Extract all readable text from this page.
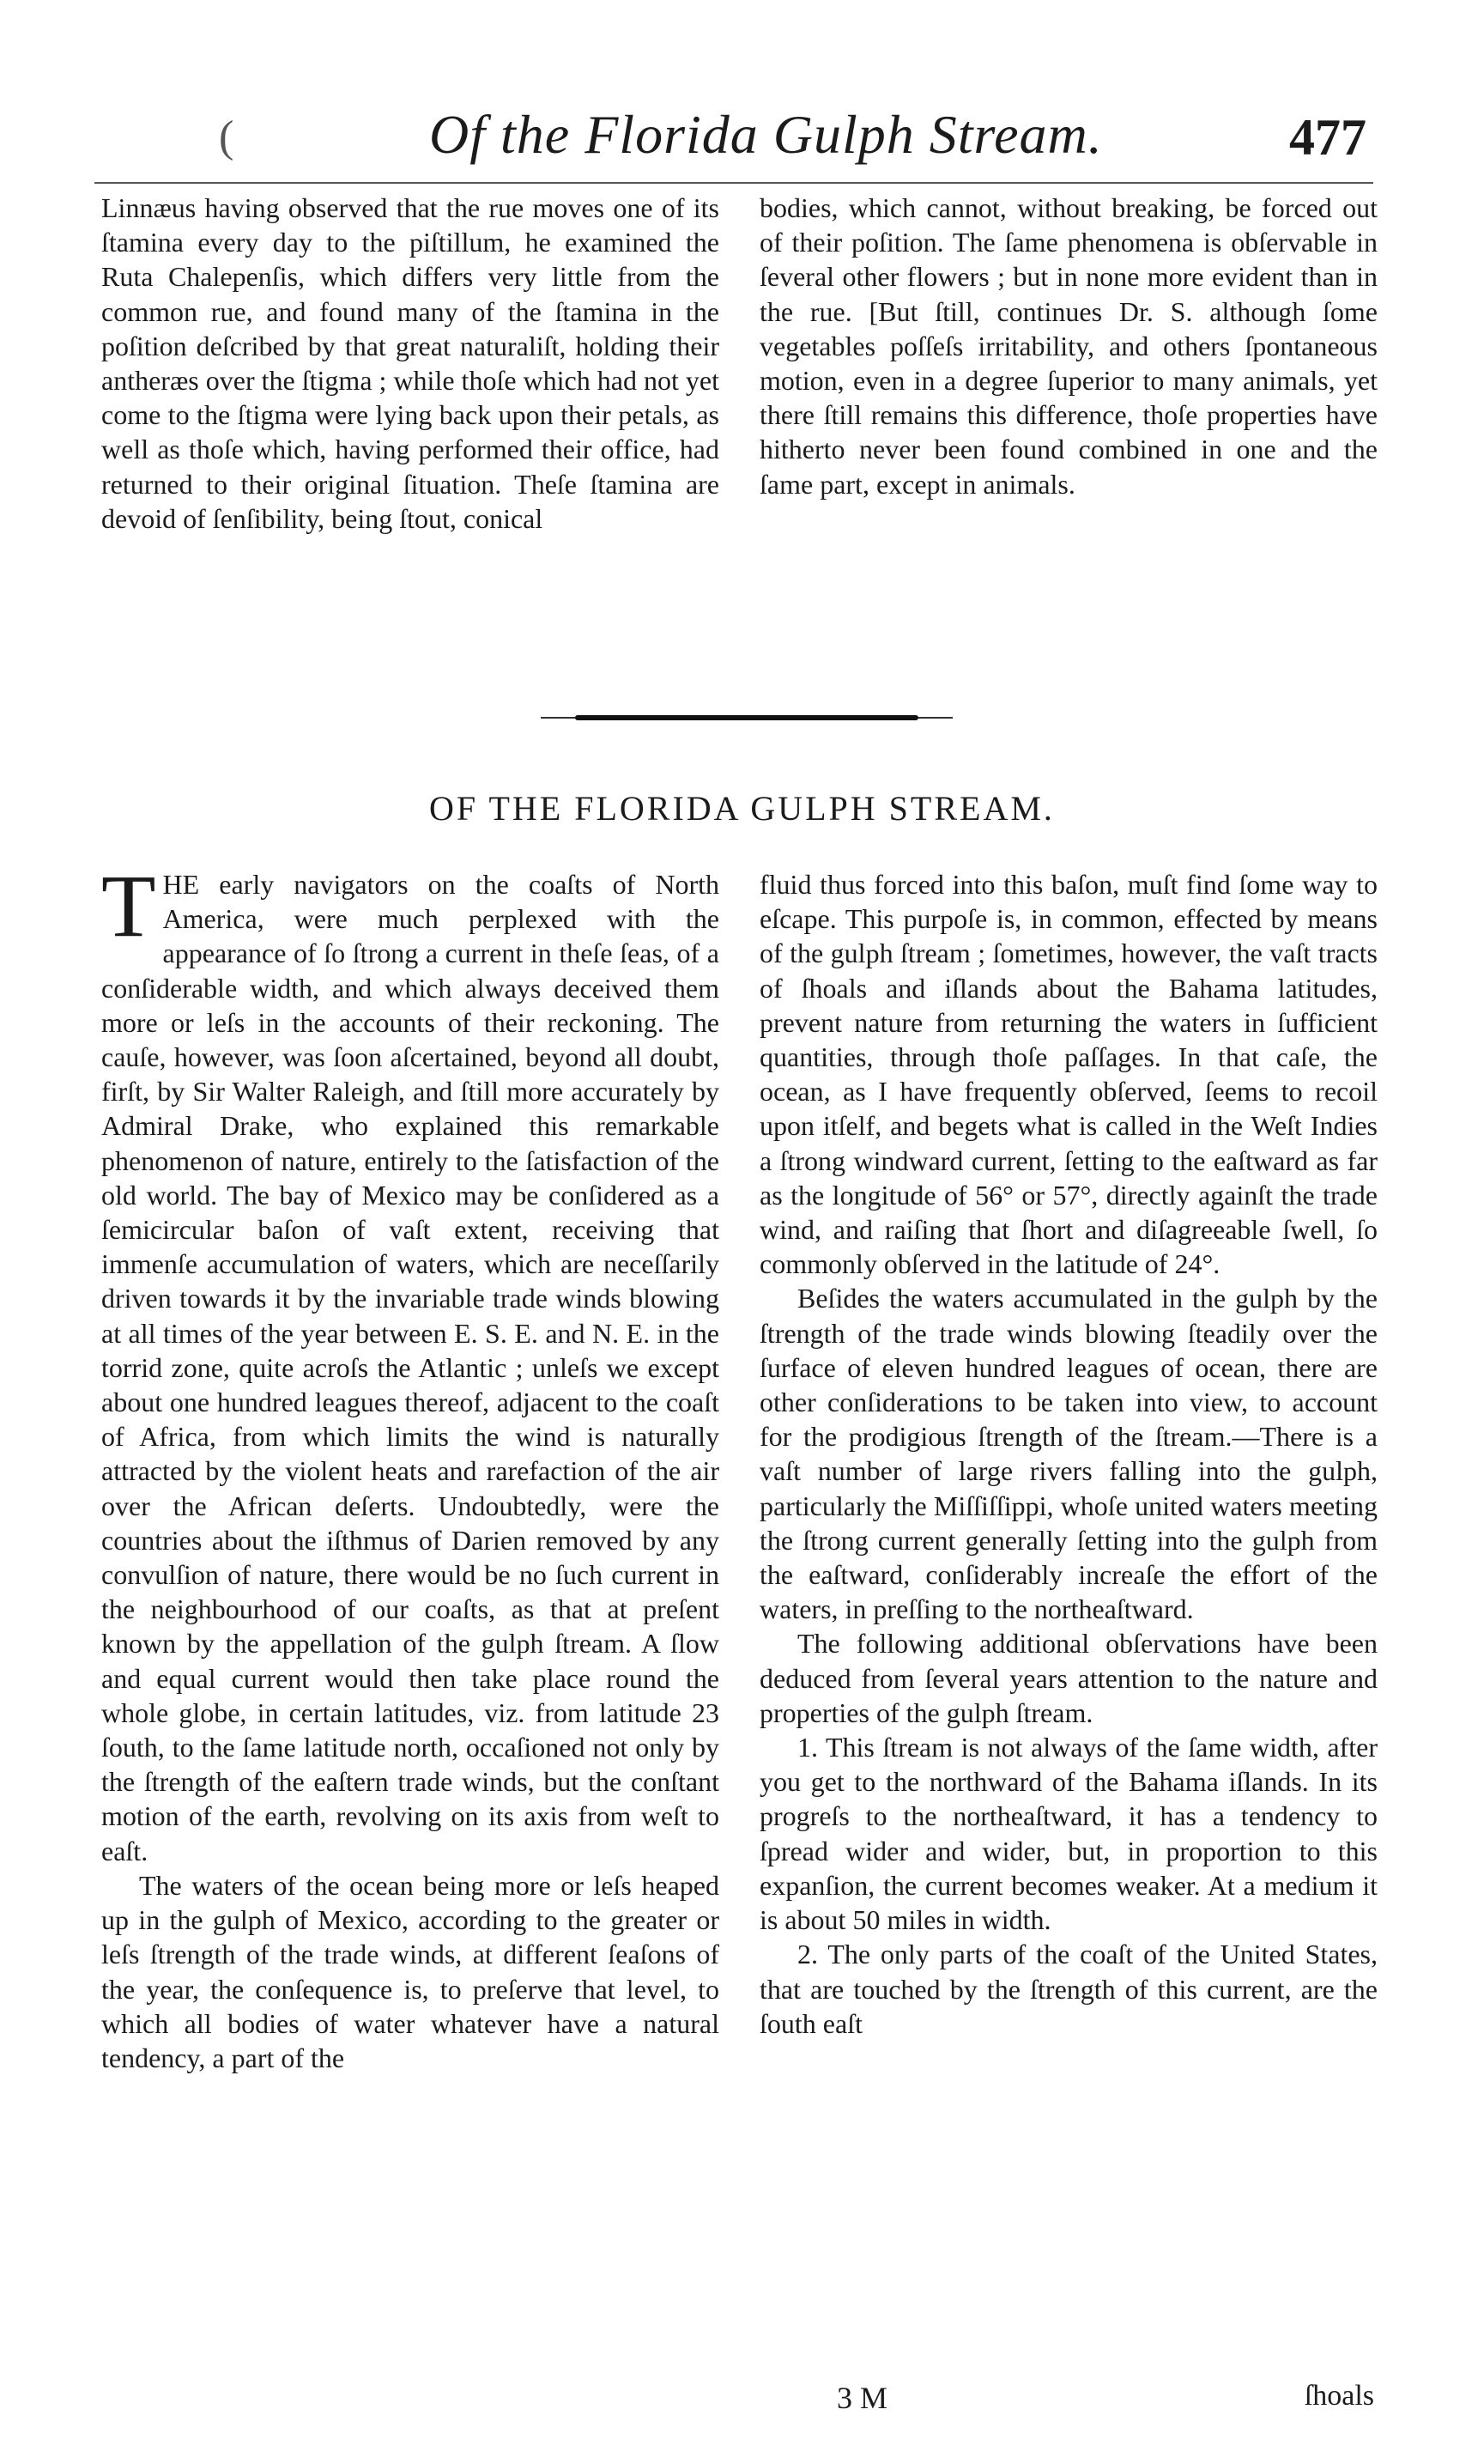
(	Of the Florida Gulph Stream.	477

Linnæus having observed that the rue moves one of its ſtamina every day to the piſtillum, he examined the Ruta Chalepenſis, which differs very little from the common rue, and found many of the ſtamina in the poſition deſcribed by that great naturaliſt, holding their antheræs over the ſtigma ; while thoſe which had not yet come to the ſtigma were lying back upon their petals, as well as thoſe which, having performed their office, had returned to their original ſituation. Theſe ſtamina are devoid of ſenſibility, being ſtout, conical

bodies, which cannot, without breaking, be forced out of their poſition. The ſame phenomena is obſervable in ſeveral other flowers ; but in none more evident than in the rue. [But ſtill, continues Dr. S. although ſome vegetables poſſeſs irritability, and others ſpontaneous motion, even in a degree ſuperior to many animals, yet there ſtill remains this difference, thoſe properties have hitherto never been found combined in one and the ſame part, except in animals.

OF THE FLORIDA GULPH STREAM.

THE early navigators on the coaſts of North America, were much perplexed with the appearance of ſo ſtrong a current in theſe ſeas, of a conſiderable width, and which always deceived them more or leſs in the accounts of their reckoning. The cauſe, however, was ſoon aſcertained, beyond all doubt, firſt, by Sir Walter Raleigh, and ſtill more accurately by Admiral Drake, who explained this remarkable phenomenon of nature, entirely to the ſatisfaction of the old world. The bay of Mexico may be conſidered as a ſemicircular baſon of vaſt extent, receiving that immenſe accumulation of waters, which are neceſſarily driven towards it by the invariable trade winds blowing at all times of the year between E. S. E. and N. E. in the torrid zone, quite acroſs the Atlantic ; unleſs we except about one hundred leagues thereof, adjacent to the coaſt of Africa, from which limits the wind is naturally attracted by the violent heats and rarefaction of the air over the African deſerts. Undoubtedly, were the countries about the iſthmus of Darien removed by any convulſion of nature, there would be no ſuch current in the neighbourhood of our coaſts, as that at preſent known by the appellation of the gulph ſtream. A ſlow and equal current would then take place round the whole globe, in certain latitudes, viz. from latitude 23 ſouth, to the ſame latitude north, occaſioned not only by the ſtrength of the eaſtern trade winds, but the conſtant motion of the earth, revolving on its axis from weſt to eaſt.

The waters of the ocean being more or leſs heaped up in the gulph of Mexico, according to the greater or leſs ſtrength of the trade winds, at different ſeaſons of the year, the conſequence is, to preſerve that level, to which all bodies of water whatever have a natural tendency, a part of the

fluid thus forced into this baſon, muſt find ſome way to eſcape. This purpoſe is, in common, effected by means of the gulph ſtream ; ſometimes, however, the vaſt tracts of ſhoals and iſlands about the Bahama latitudes, prevent nature from returning the waters in ſufficient quantities, through thoſe paſſages. In that caſe, the ocean, as I have frequently obſerved, ſeems to recoil upon itſelf, and begets what is called in the Weſt Indies a ſtrong windward current, ſetting to the eaſtward as far as the longitude of 56° or 57°, directly againſt the trade wind, and raiſing that ſhort and diſagreeable ſwell, ſo commonly obſerved in the latitude of 24°.

Beſides the waters accumulated in the gulph by the ſtrength of the trade winds blowing ſteadily over the ſurface of eleven hundred leagues of ocean, there are other conſiderations to be taken into view, to account for the prodigious ſtrength of the ſtream.—There is a vaſt number of large rivers falling into the gulph, particularly the Miſſiſſippi, whoſe united waters meeting the ſtrong current generally ſetting into the gulph from the eaſtward, conſiderably increaſe the effort of the waters, in preſſing to the northeaſtward.

The following additional obſervations have been deduced from ſeveral years attention to the nature and properties of the gulph ſtream.

1. This ſtream is not always of the ſame width, after you get to the northward of the Bahama iſlands. In its progreſs to the northeaſtward, it has a tendency to ſpread wider and wider, but, in proportion to this expanſion, the current becomes weaker. At a medium it is about 50 miles in width.

2. The only parts of the coaſt of the United States, that are touched by the ſtrength of this current, are the ſouth eaſt

3 M	ſhoals
